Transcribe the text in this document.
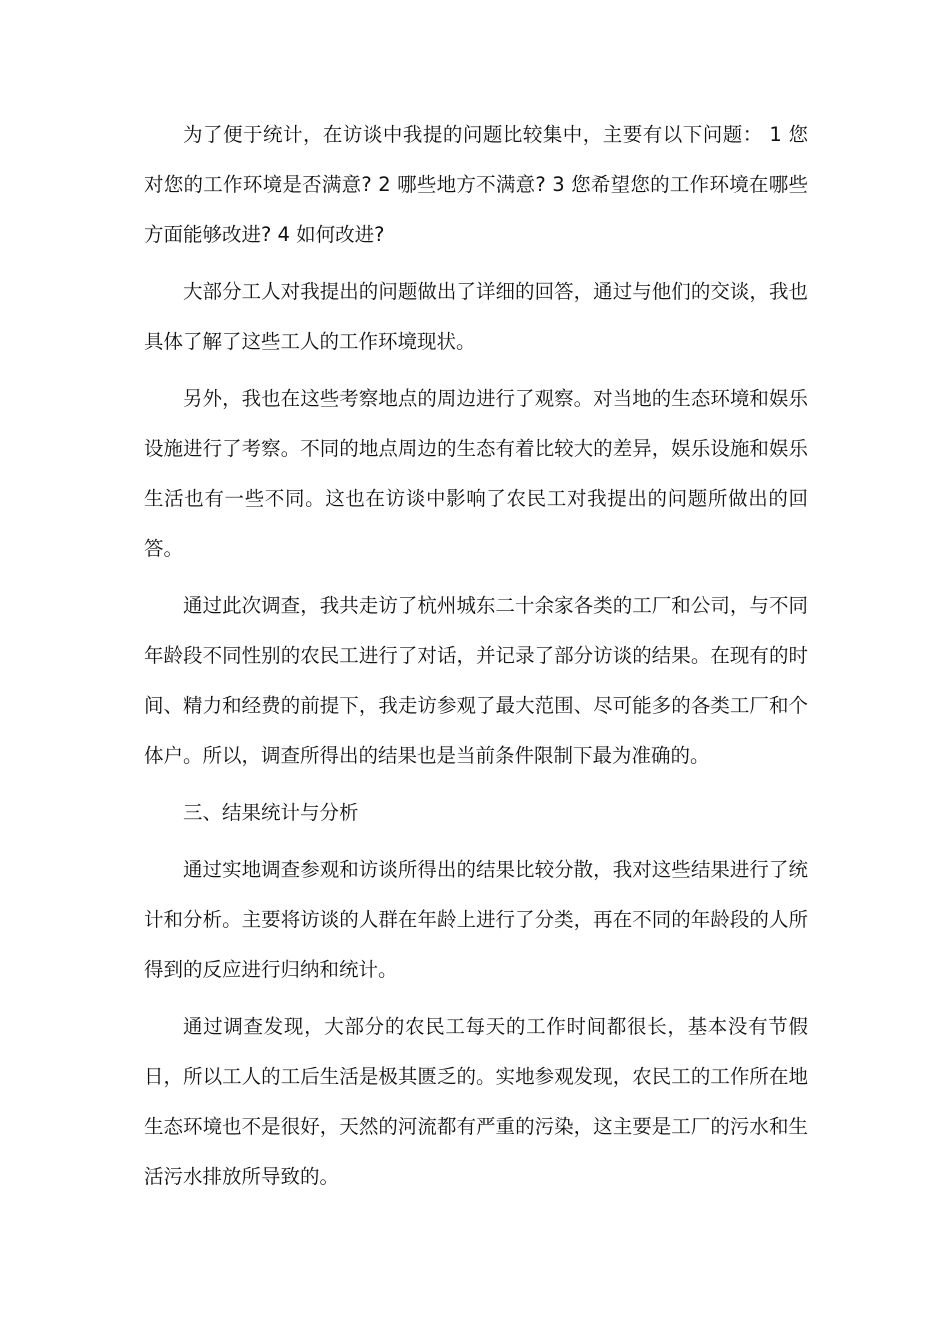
为了便于统计，在访谈中我提的问题比较集中，主要有以下问题： 1 您对您的工作环境是否满意? 2 哪些地方不满意? 3 您希望您的工作环境在哪些方面能够改进? 4 如何改进?

大部分工人对我提出的问题做出了详细的回答，通过与他们的交谈，我也具体了解了这些工人的工作环境现状。

另外，我也在这些考察地点的周边进行了观察。对当地的生态环境和娱乐设施进行了考察。不同的地点周边的生态有着比较大的差异，娱乐设施和娱乐生活也有一些不同。这也在访谈中影响了农民工对我提出的问题所做出的回答。

通过此次调查，我共走访了杭州城东二十余家各类的工厂和公司，与不同年龄段不同性别的农民工进行了对话，并记录了部分访谈的结果。在现有的时间、精力和经费的前提下，我走访参观了最大范围、尽可能多的各类工厂和个体户。所以，调查所得出的结果也是当前条件限制下最为准确的。

三、结果统计与分析

通过实地调查参观和访谈所得出的结果比较分散，我对这些结果进行了统计和分析。主要将访谈的人群在年龄上进行了分类，再在不同的年龄段的人所得到的反应进行归纳和统计。

通过调查发现，大部分的农民工每天的工作时间都很长，基本没有节假日，所以工人的工后生活是极其匮乏的。实地参观发现，农民工的工作所在地生态环境也不是很好，天然的河流都有严重的污染，这主要是工厂的污水和生活污水排放所导致的。
